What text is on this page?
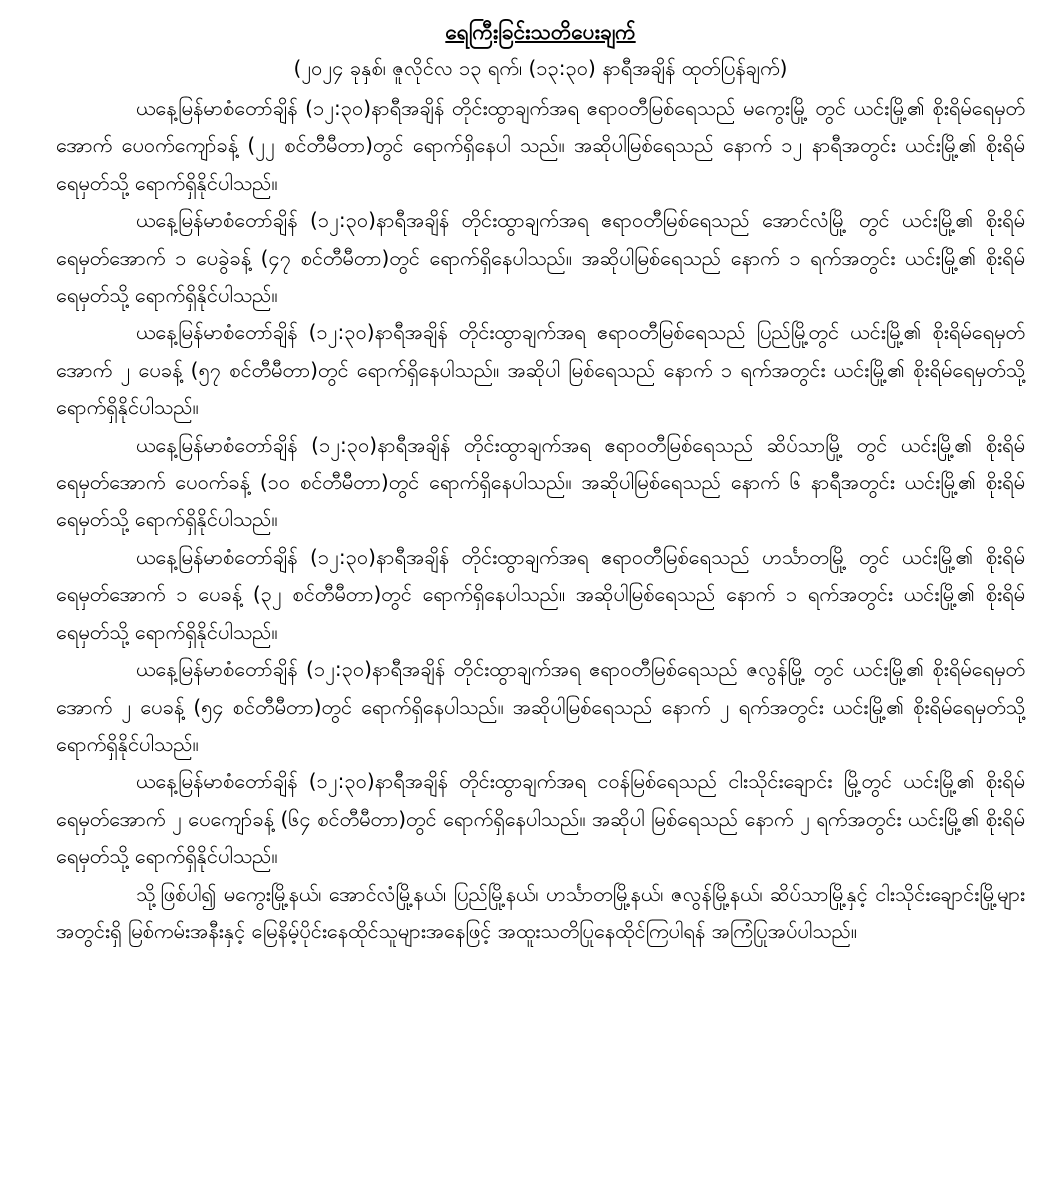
ရေကြီးခြင်းသတိပေးချက်
(၂၀၂၄ ခုနှစ်၊ ဇူလိုင်လ ၁၃ ရက်၊ (၁၃:၃၀) နာရီအချိန် ထုတ်ပြန်ချက်)

ယနေ့မြန်မာစံတော်ချိန် (၁၂:၃၀)နာရီအချိန် တိုင်းထွာချက်အရ ဧရာဝတီမြစ်ရေသည် မကွေးမြို့ တွင် ယင်းမြို့၏ စိုးရိမ်ရေမှတ်အောက် ပေဝက်ကျော်ခန့် (၂၂ စင်တီမီတာ)တွင် ရောက်ရှိနေပါ သည်။ အဆိုပါမြစ်ရေသည် နောက် ၁၂ နာရီအတွင်း ယင်းမြို့၏ စိုးရိမ်ရေမှတ်သို့ ရောက်ရှိနိုင်ပါသည်။

ယနေ့မြန်မာစံတော်ချိန် (၁၂:၃၀)နာရီအချိန် တိုင်းထွာချက်အရ ဧရာဝတီမြစ်ရေသည် အောင်လံမြို့ တွင် ယင်းမြို့၏ စိုးရိမ်ရေမှတ်အောက် ၁ ပေခွဲခန့် (၄၇ စင်တီမီတာ)တွင် ရောက်ရှိနေပါသည်။ အဆိုပါမြစ်ရေသည် နောက် ၁ ရက်အတွင်း ယင်းမြို့၏ စိုးရိမ်ရေမှတ်သို့ ရောက်ရှိနိုင်ပါသည်။

ယနေ့မြန်မာစံတော်ချိန် (၁၂:၃၀)နာရီအချိန် တိုင်းထွာချက်အရ ဧရာဝတီမြစ်ရေသည် ပြည်မြို့တွင် ယင်းမြို့၏ စိုးရိမ်ရေမှတ်အောက် ၂ ပေခန့် (၅၇ စင်တီမီတာ)တွင် ရောက်ရှိနေပါသည်။ အဆိုပါ မြစ်ရေသည် နောက် ၁ ရက်အတွင်း ယင်းမြို့၏ စိုးရိမ်ရေမှတ်သို့ ရောက်ရှိနိုင်ပါသည်။

ယနေ့မြန်မာစံတော်ချိန် (၁၂:၃၀)နာရီအချိန် တိုင်းထွာချက်အရ ဧရာဝတီမြစ်ရေသည် ဆိပ်သာမြို့ တွင် ယင်းမြို့၏ စိုးရိမ်ရေမှတ်အောက် ပေဝက်ခန့် (၁၀ စင်တီမီတာ)တွင် ရောက်ရှိနေပါသည်။ အဆိုပါမြစ်ရေသည် နောက် ၆ နာရီအတွင်း ယင်းမြို့၏ စိုးရိမ်ရေမှတ်သို့ ရောက်ရှိနိုင်ပါသည်။

ယနေ့မြန်မာစံတော်ချိန် (၁၂:၃၀)နာရီအချိန် တိုင်းထွာချက်အရ ဧရာဝတီမြစ်ရေသည် ဟင်္သာတမြို့ တွင် ယင်းမြို့၏ စိုးရိမ်ရေမှတ်အောက် ၁ ပေခန့် (၃၂ စင်တီမီတာ)တွင် ရောက်ရှိနေပါသည်။ အဆိုပါမြစ်ရေသည် နောက် ၁ ရက်အတွင်း ယင်းမြို့၏ စိုးရိမ်ရေမှတ်သို့ ရောက်ရှိနိုင်ပါသည်။

ယနေ့မြန်မာစံတော်ချိန် (၁၂:၃၀)နာရီအချိန် တိုင်းထွာချက်အရ ဧရာဝတီမြစ်ရေသည် ဇလွန်မြို့ တွင် ယင်းမြို့၏ စိုးရိမ်ရေမှတ်အောက် ၂ ပေခန့် (၅၄ စင်တီမီတာ)တွင် ရောက်ရှိနေပါသည်။ အဆိုပါမြစ်ရေသည် နောက် ၂ ရက်အတွင်း ယင်းမြို့၏ စိုးရိမ်ရေမှတ်သို့ ရောက်ရှိနိုင်ပါသည်။

ယနေ့မြန်မာစံတော်ချိန် (၁၂:၃၀)နာရီအချိန် တိုင်းထွာချက်အရ ငဝန်မြစ်ရေသည် ငါးသိုင်းချောင်း မြို့တွင် ယင်းမြို့၏ စိုးရိမ်ရေမှတ်အောက် ၂ ပေကျော်ခန့် (၆၄ စင်တီမီတာ)တွင် ရောက်ရှိနေပါသည်။ အဆိုပါ မြစ်ရေသည် နောက် ၂ ရက်အတွင်း ယင်းမြို့၏ စိုးရိမ်ရေမှတ်သို့ ရောက်ရှိနိုင်ပါသည်။

သို့ဖြစ်ပါ၍ မကွေးမြို့နယ်၊ အောင်လံမြို့နယ်၊ ပြည်မြို့နယ်၊ ဟင်္သာတမြို့နယ်၊ ဇလွန်မြို့နယ်၊ ဆိပ်သာမြို့နှင့် ငါးသိုင်းချောင်းမြို့များအတွင်းရှိ မြစ်ကမ်းအနီးနှင့် မြေနိမ့်ပိုင်းနေထိုင်သူများအနေဖြင့် အထူးသတိပြုနေထိုင်ကြပါရန် အကြံပြုအပ်ပါသည်။
